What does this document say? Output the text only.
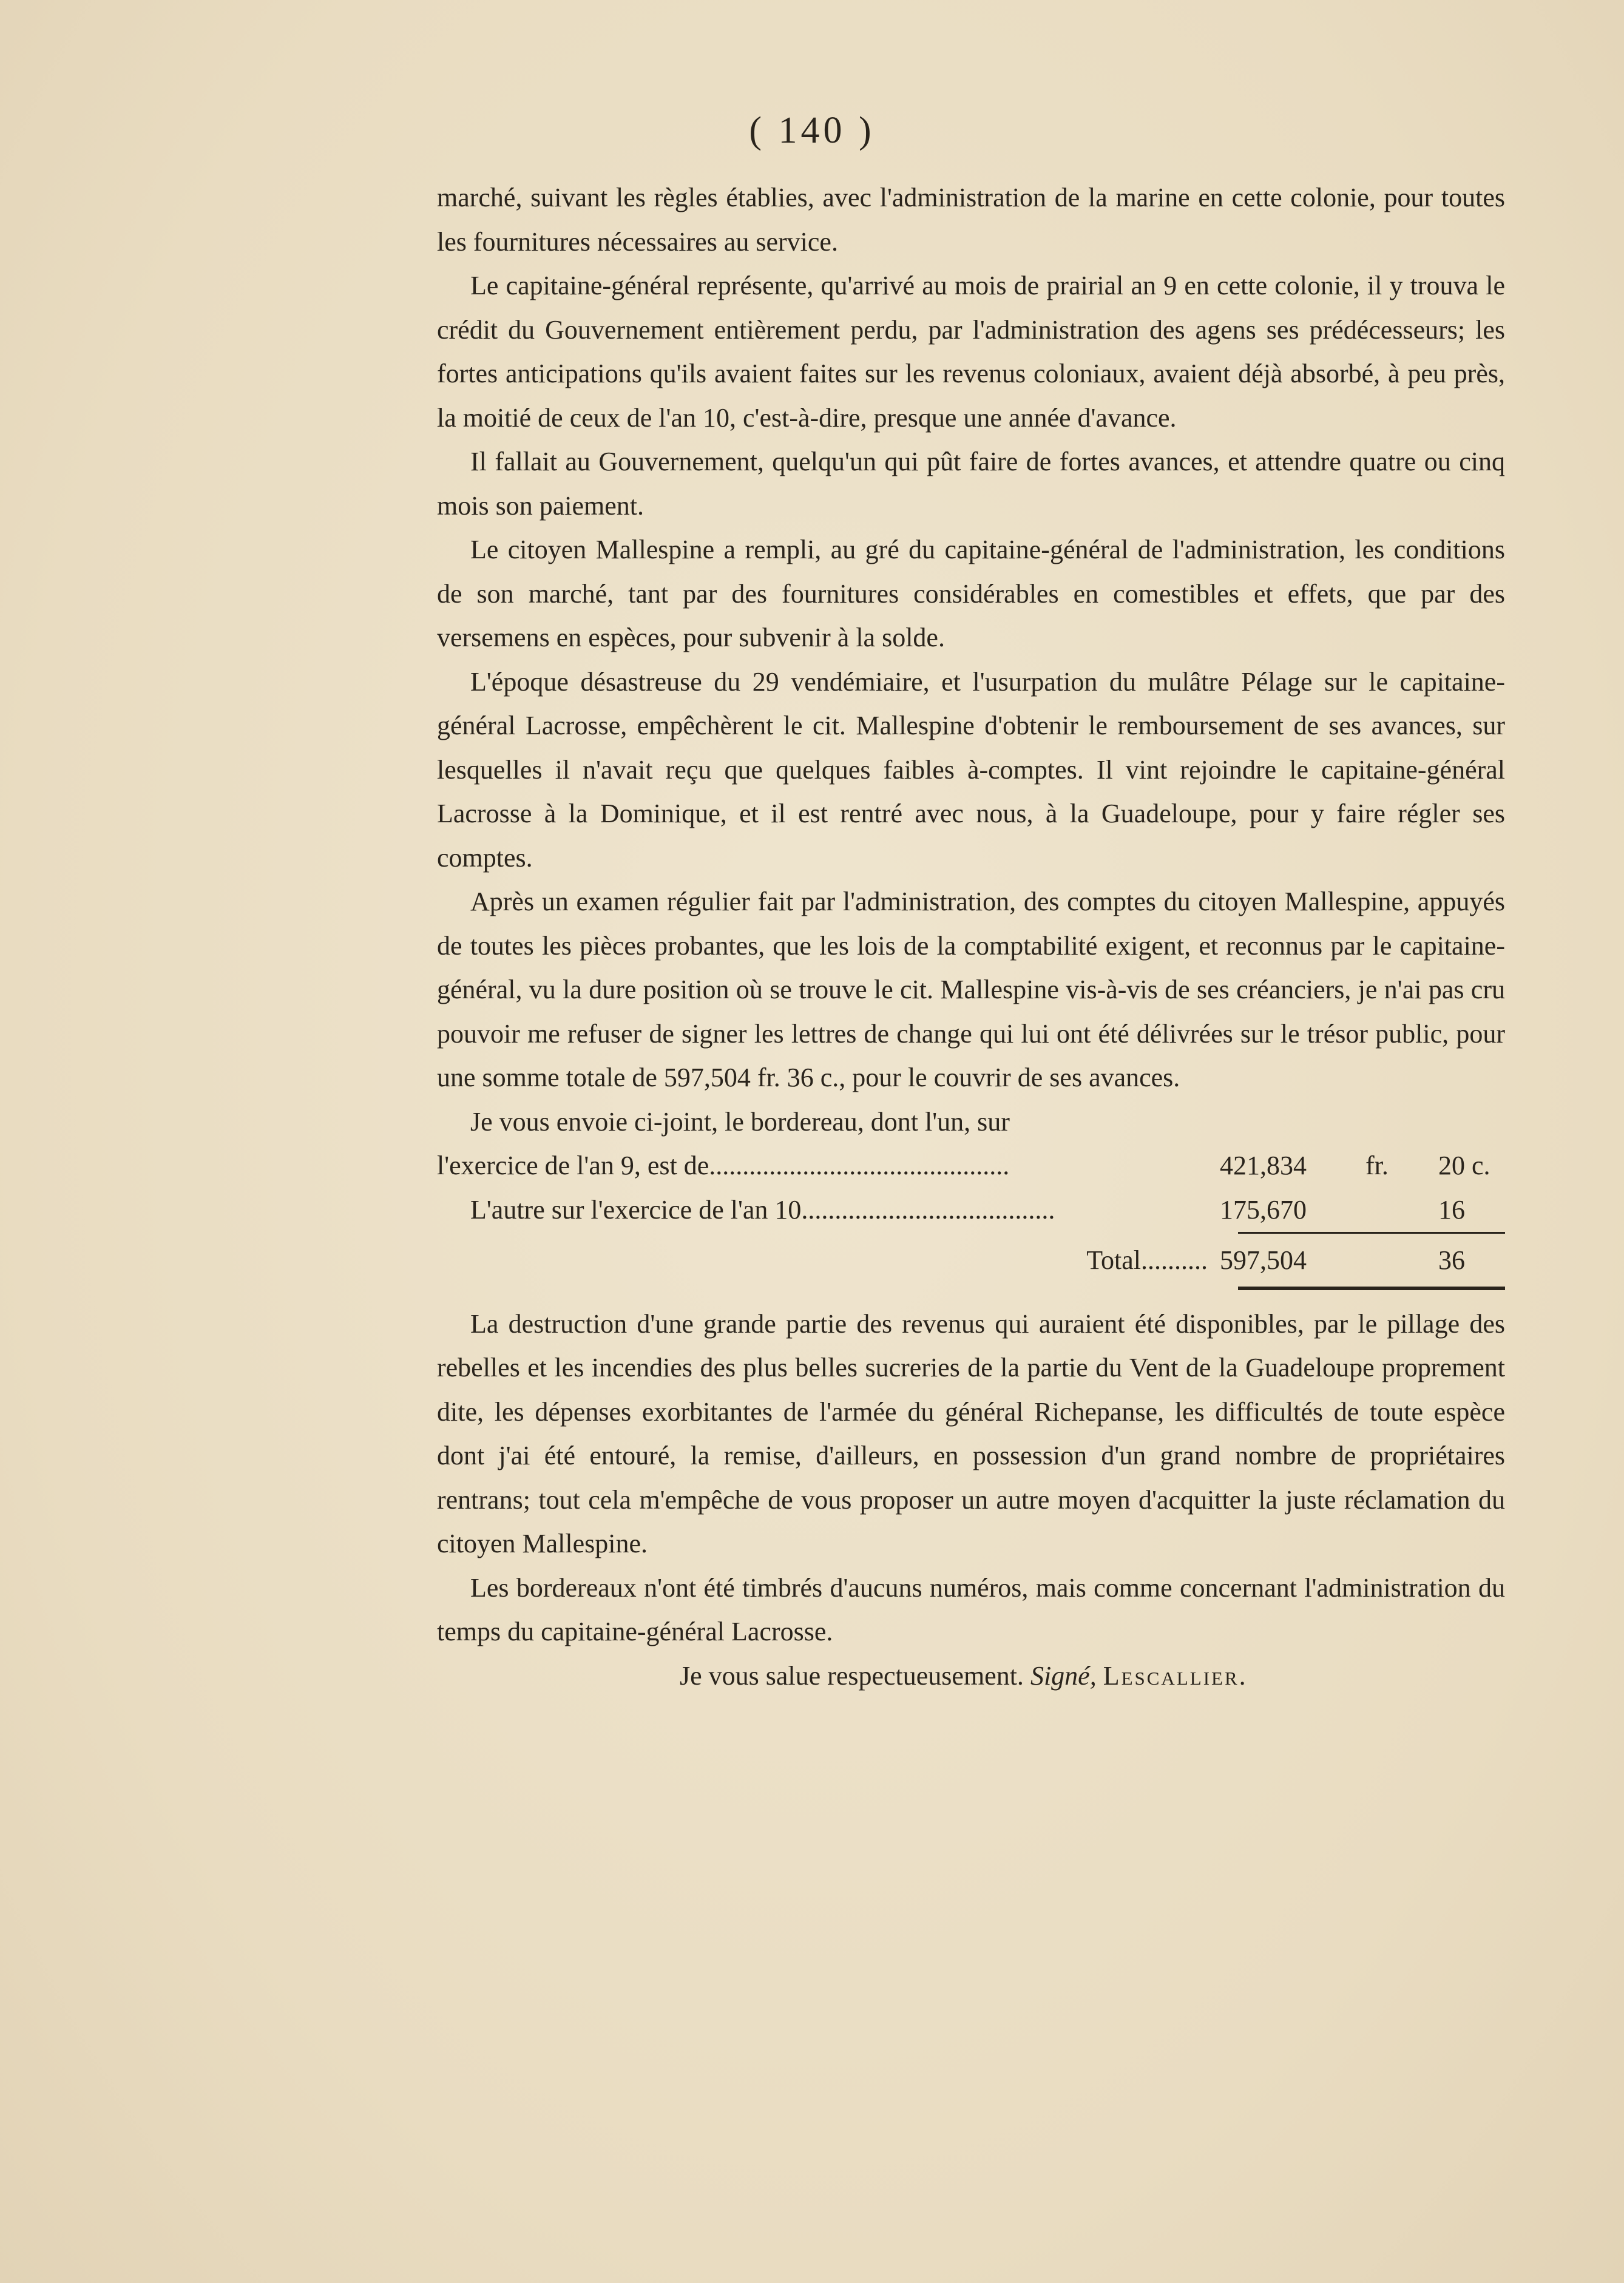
( 140 )

marché, suivant les règles établies, avec l'administration de la marine en cette colonie, pour toutes les fournitures nécessaires au service.

Le capitaine-général représente, qu'arrivé au mois de prairial an 9 en cette colonie, il y trouva le crédit du Gouvernement entièrement perdu, par l'administration des agens ses prédécesseurs; les fortes anticipations qu'ils avaient faites sur les revenus coloniaux, avaient déjà absorbé, à peu près, la moitié de ceux de l'an 10, c'est-à-dire, presque une année d'avance.

Il fallait au Gouvernement, quelqu'un qui pût faire de fortes avances, et attendre quatre ou cinq mois son paiement.

Le citoyen Mallespine a rempli, au gré du capitaine-général de l'administration, les conditions de son marché, tant par des fournitures considérables en comestibles et effets, que par des versemens en espèces, pour subvenir à la solde.

L'époque désastreuse du 29 vendémiaire, et l'usurpation du mulâtre Pélage sur le capitaine-général Lacrosse, empêchèrent le cit. Mallespine d'obtenir le remboursement de ses avances, sur lesquelles il n'avait reçu que quelques faibles à-comptes. Il vint rejoindre le capitaine-général Lacrosse à la Dominique, et il est rentré avec nous, à la Guadeloupe, pour y faire régler ses comptes.

Après un examen régulier fait par l'administration, des comptes du citoyen Mallespine, appuyés de toutes les pièces probantes, que les lois de la comptabilité exigent, et reconnus par le capitaine-général, vu la dure position où se trouve le cit. Mallespine vis-à-vis de ses créanciers, je n'ai pas cru pouvoir me refuser de signer les lettres de change qui lui ont été délivrées sur le trésor public, pour une somme totale de 597,504 fr. 36 c., pour le couvrir de ses avances.

Je vous envoie ci-joint, le bordereau, dont l'un, sur

l'exercice de l'an 9, est de.............................................	421,834	fr.	20 c.
L'autre sur l'exercice de l'an 10......................................	175,670	16
Total.......... 597,504	36

La destruction d'une grande partie des revenus qui auraient été disponibles, par le pillage des rebelles et les incendies des plus belles sucreries de la partie du Vent de la Guadeloupe proprement dite, les dépenses exorbitantes de l'armée du général Richepanse, les difficultés de toute espèce dont j'ai été entouré, la remise, d'ailleurs, en possession d'un grand nombre de propriétaires rentrans; tout cela m'empêche de vous proposer un autre moyen d'acquitter la juste réclamation du citoyen Mallespine.

Les bordereaux n'ont été timbrés d'aucuns numéros, mais comme concernant l'administration du temps du capitaine-général Lacrosse.

Je vous salue respectueusement. Signé, Lescallier.
